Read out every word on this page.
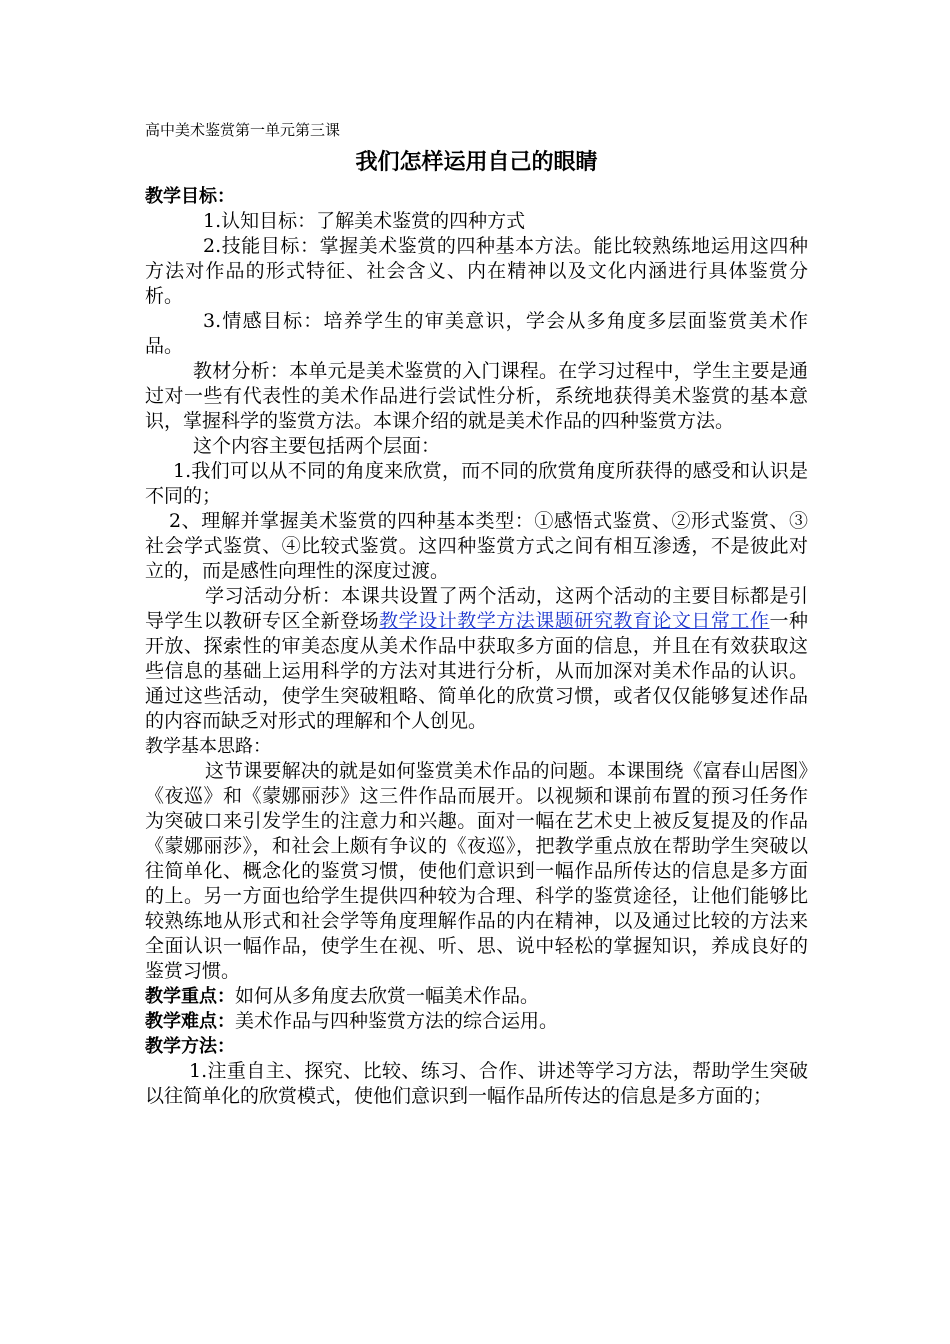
高中美术鉴赏第一单元第三课
我们怎样运用自己的眼睛

教学目标：

1.认知目标：了解美术鉴赏的四种方式

2.技能目标：掌握美术鉴赏的四种基本方法。能比较熟练地运用这四种方法对作品的形式特征、社会含义、内在精神以及文化内涵进行具体鉴赏分析。

3.情感目标：培养学生的审美意识，学会从多角度多层面鉴赏美术作品。

教材分析：本单元是美术鉴赏的入门课程。在学习过程中，学生主要是通过对一些有代表性的美术作品进行尝试性分析，系统地获得美术鉴赏的基本意识，掌握科学的鉴赏方法。本课介绍的就是美术作品的四种鉴赏方法。

这个内容主要包括两个层面：

1.我们可以从不同的角度来欣赏，而不同的欣赏角度所获得的感受和认识是不同的；

2、理解并掌握美术鉴赏的四种基本类型：①感悟式鉴赏、②形式鉴赏、③社会学式鉴赏、④比较式鉴赏。这四种鉴赏方式之间有相互渗透，不是彼此对立的，而是感性向理性的深度过渡。

学习活动分析：本课共设置了两个活动，这两个活动的主要目标都是引导学生以教研专区全新登场教学设计教学方法课题研究教育论文日常工作一种开放、探索性的审美态度从美术作品中获取多方面的信息，并且在有效获取这些信息的基础上运用科学的方法对其进行分析，从而加深对美术作品的认识。通过这些活动，使学生突破粗略、简单化的欣赏习惯，或者仅仅能够复述作品的内容而缺乏对形式的理解和个人创见。

教学基本思路：

这节课要解决的就是如何鉴赏美术作品的问题。本课围绕《富春山居图》《夜巡》和《蒙娜丽莎》这三件作品而展开。以视频和课前布置的预习任务作为突破口来引发学生的注意力和兴趣。面对一幅在艺术史上被反复提及的作品《蒙娜丽莎》，和社会上颇有争议的《夜巡》，把教学重点放在帮助学生突破以往简单化、概念化的鉴赏习惯，使他们意识到一幅作品所传达的信息是多方面的上。另一方面也给学生提供四种较为合理、科学的鉴赏途径，让他们能够比较熟练地从形式和社会学等角度理解作品的内在精神，以及通过比较的方法来全面认识一幅作品，使学生在视、听、思、说中轻松的掌握知识，养成良好的鉴赏习惯。

教学重点：如何从多角度去欣赏一幅美术作品。

教学难点：美术作品与四种鉴赏方法的综合运用。

教学方法：

1.注重自主、探究、比较、练习、合作、讲述等学习方法，帮助学生突破以往简单化的欣赏模式，使他们意识到一幅作品所传达的信息是多方面的；
